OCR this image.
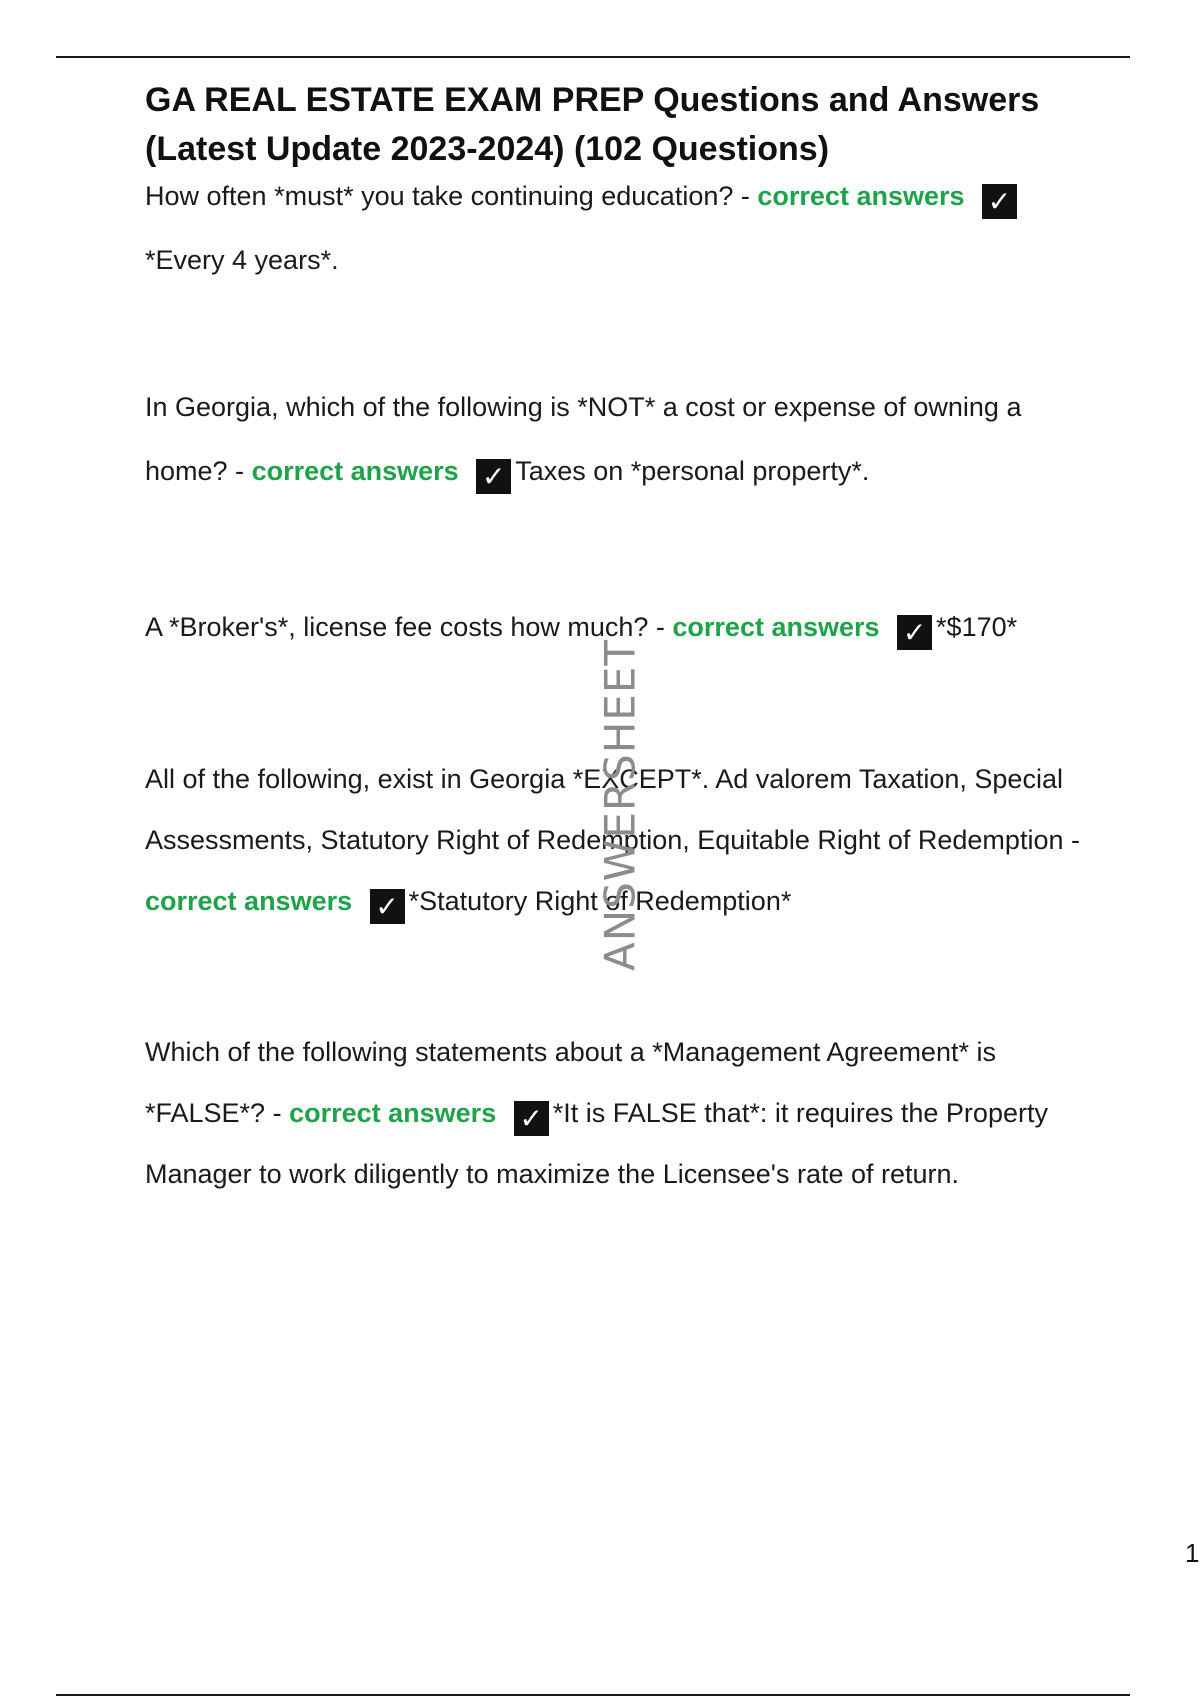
GA REAL ESTATE EXAM PREP Questions and Answers (Latest Update 2023-2024) (102 Questions)

How often *must* you take continuing education? - correct answers ✓*Every 4 years*.

In Georgia, which of the following is *NOT* a cost or expense of owning a home? - correct answers ✓ Taxes on *personal property*.

A *Broker's*, license fee costs how much? - correct answers ✓ *$170*

All of the following, exist in Georgia *EXCEPT*. Ad valorem Taxation, Special Assessments, Statutory Right of Redemption, Equitable Right of Redemption - correct answers ✓ *Statutory Right of Redemption*

Which of the following statements about a *Management Agreement* is *FALSE*? - correct answers ✓ *It is FALSE that*: it requires the Property Manager to work diligently to maximize the Licensee's rate of return.

ANSWERSHEET
1
